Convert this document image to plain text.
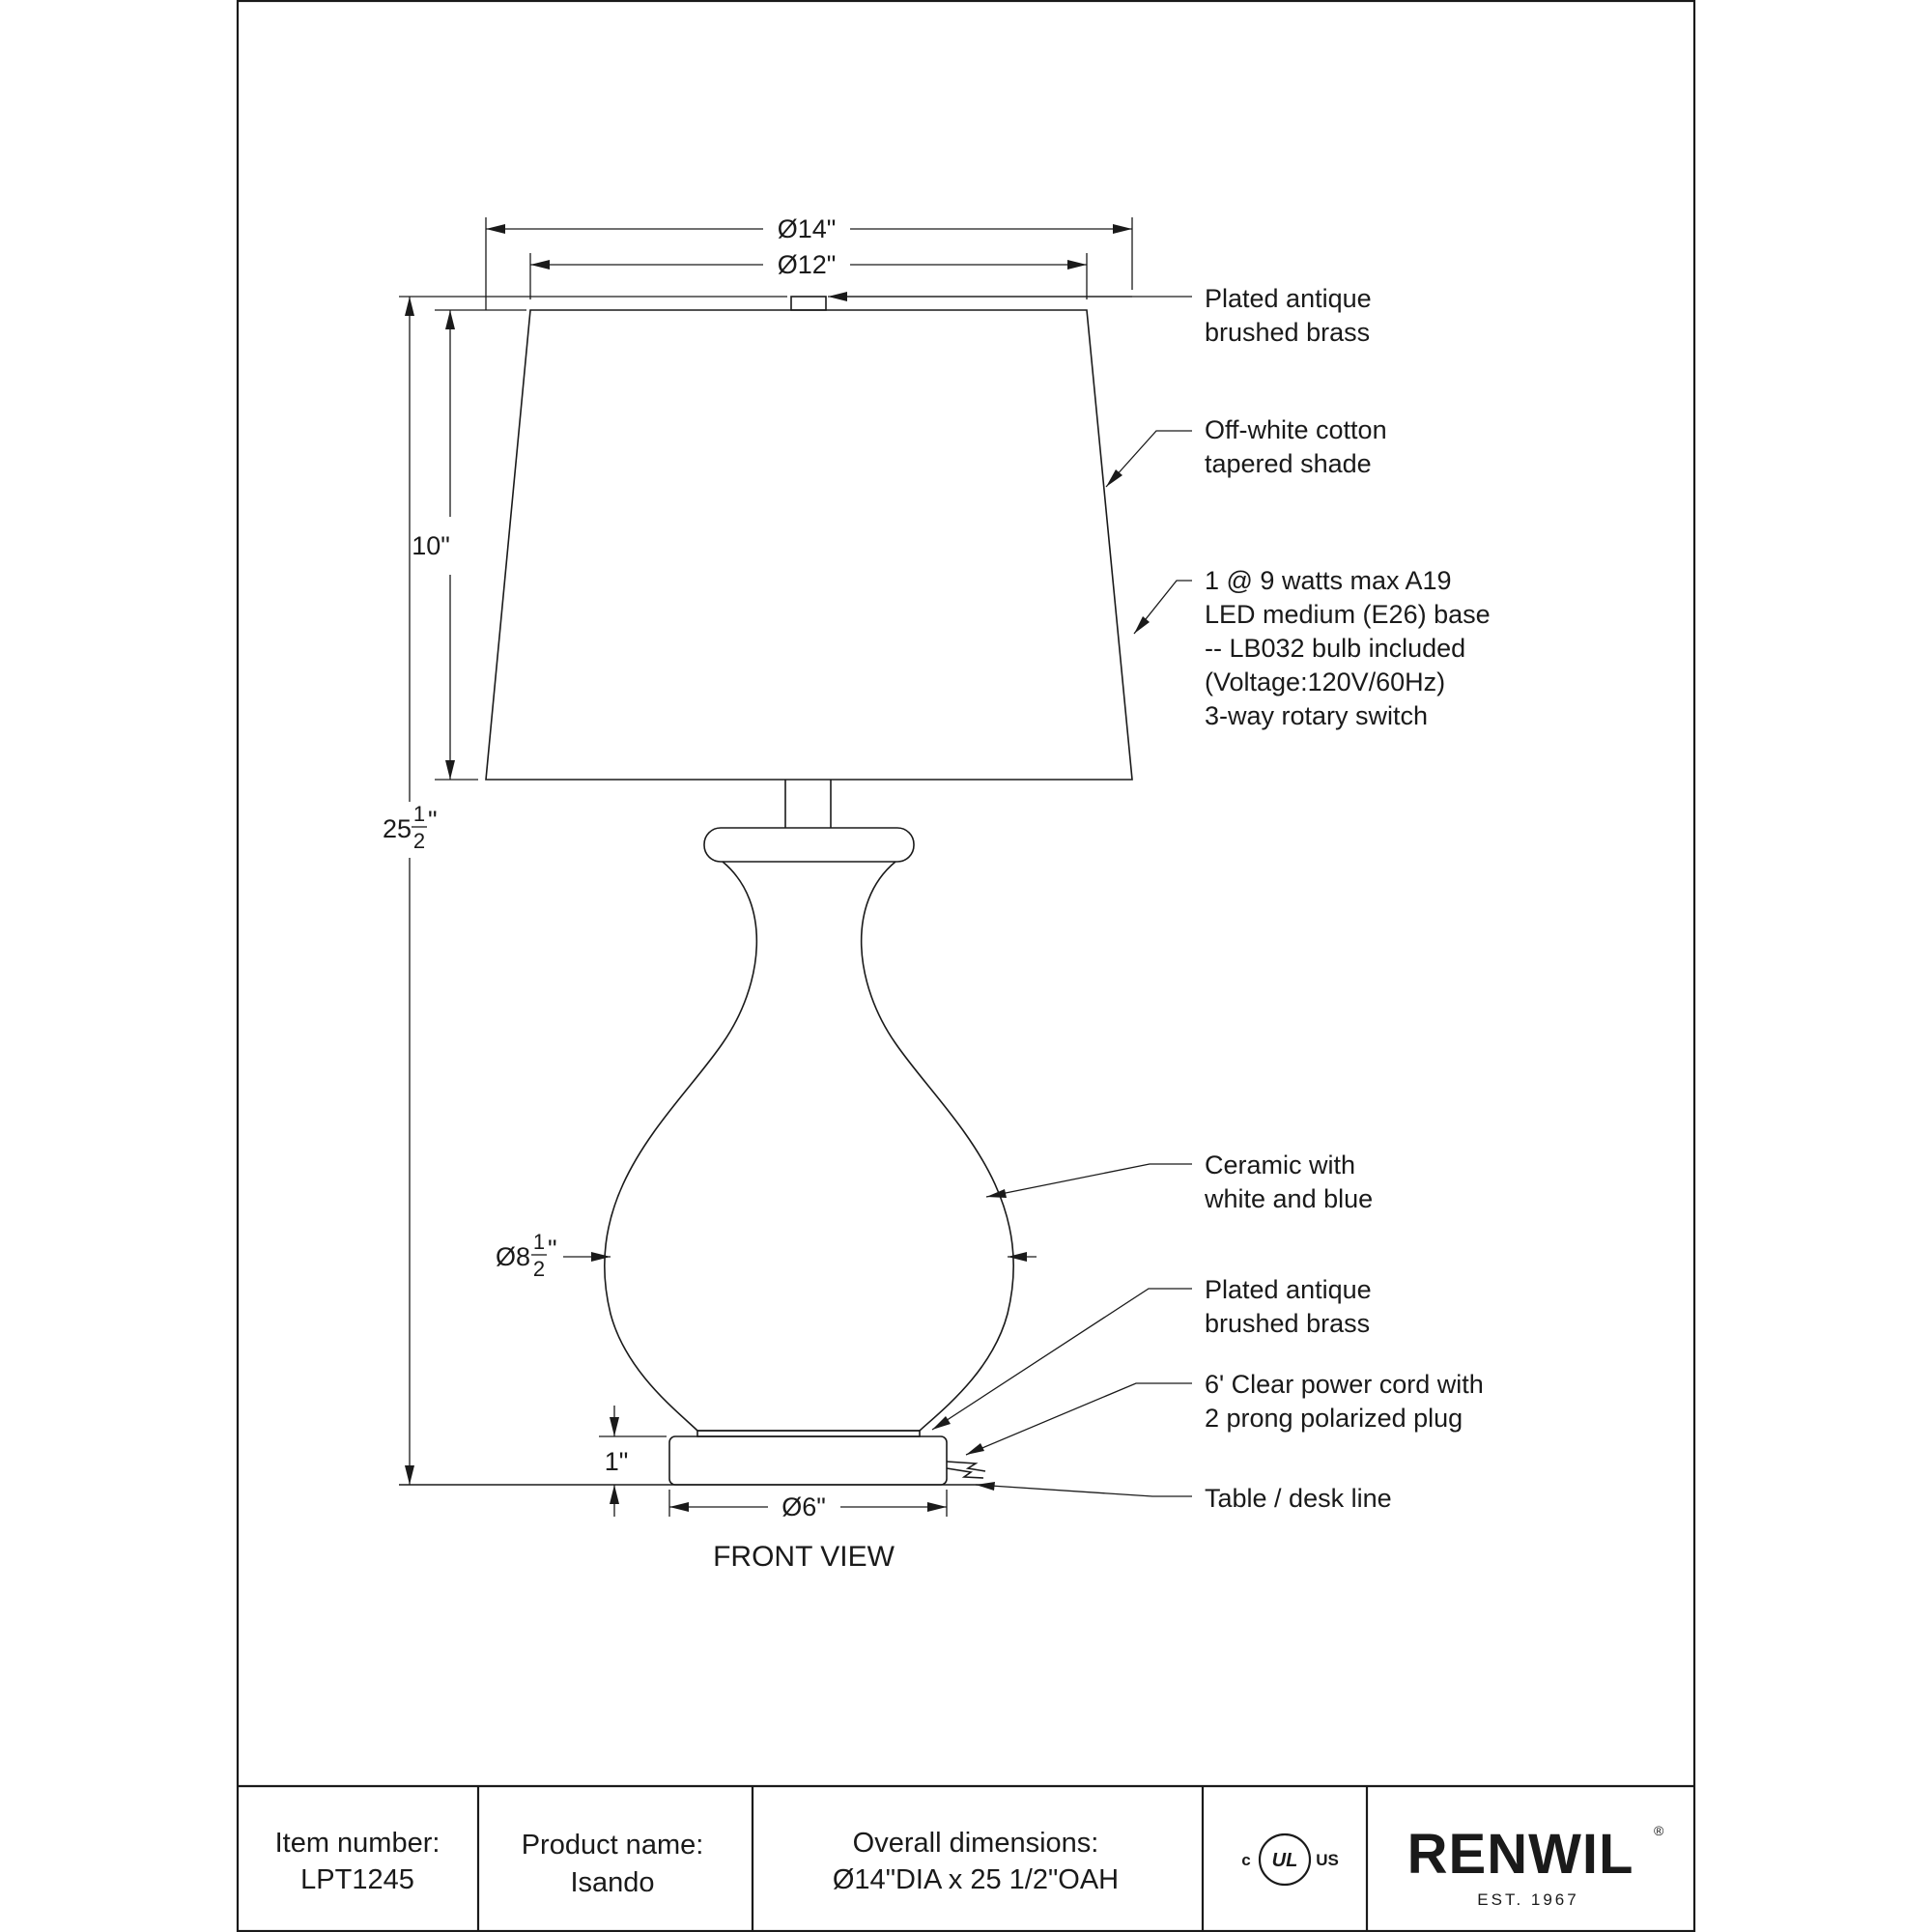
Ø14"
Ø12"
10"
25
1
2
"
Ø8
1
2
"
1"
Ø6"
Plated antique
brushed brass
Off-white cotton
tapered shade
1 @ 9 watts max A19
LED medium (E26) base
-- LB032 bulb included
(Voltage:120V/60Hz)
3-way rotary switch
Ceramic with
white and blue
Plated antique
brushed brass
6' Clear power cord with
2 prong polarized plug
Table / desk line
FRONT VIEW
Item number:
LPT1245
Product name:
Isando
Overall dimensions:
Ø14"DIA x 25 1/2"OAH
c UL US RENWIL ®
EST. 1967
